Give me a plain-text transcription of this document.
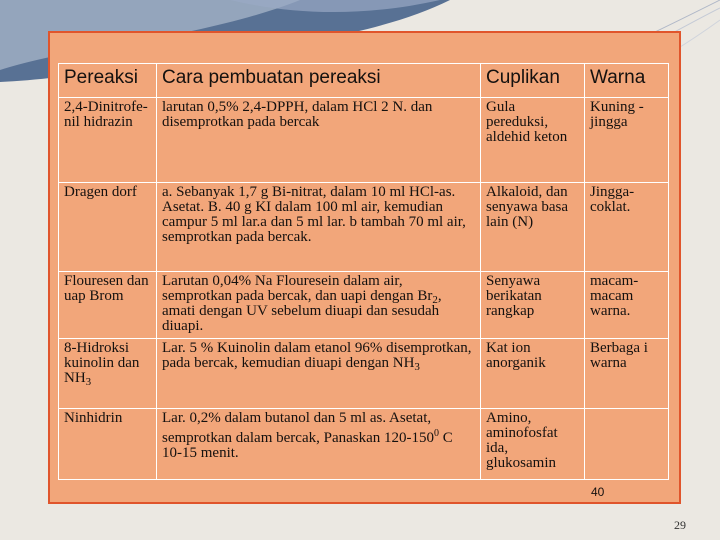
Pereaksi	Cara pembuatan pereaksi	Cuplikan	Warna
2,4-Dinitrofe-nil hidrazin	larutan 0,5% 2,4-DPPH, dalam HCl 2 N. dan disemprotkan pada bercak	Gula pereduksi, aldehid keton	Kuning - jingga
Dragen dorf	a. Sebanyak 1,7 g Bi-nitrat, dalam 10 ml HCl-as. Asetat. B. 40 g KI dalam 100 ml air, kemudian campur 5 ml lar.a dan 5 ml lar. b tambah 70 ml air, semprotkan pada bercak.	Alkaloid, dan senyawa basa lain (N)	Jingga-coklat.
Flouresen dan uap Brom	Larutan 0,04% Na Flouresein dalam air, semprotkan pada bercak, dan uapi dengan $Br_2$, amati dengan UV sebelum diuapi dan sesudah diuapi.	Senyawa berikatan rangkap	macam-macam warna.
8-Hidroksi kuinolin dan $NH_3$	Lar. 5 % Kuinolin dalam etanol 96% disemprotkan, pada bercak, kemudian diuapi dengan $NH_3$	Kat ion anorganik	Berbaga i warna
Ninhidrin	Lar. 0,2% dalam butanol dan 5 ml as. Asetat, semprotkan dalam bercak, Panaskan $120-150^0$ C 10-15 menit.	Amino, aminofosfat ida, glukosamin	
40
29
